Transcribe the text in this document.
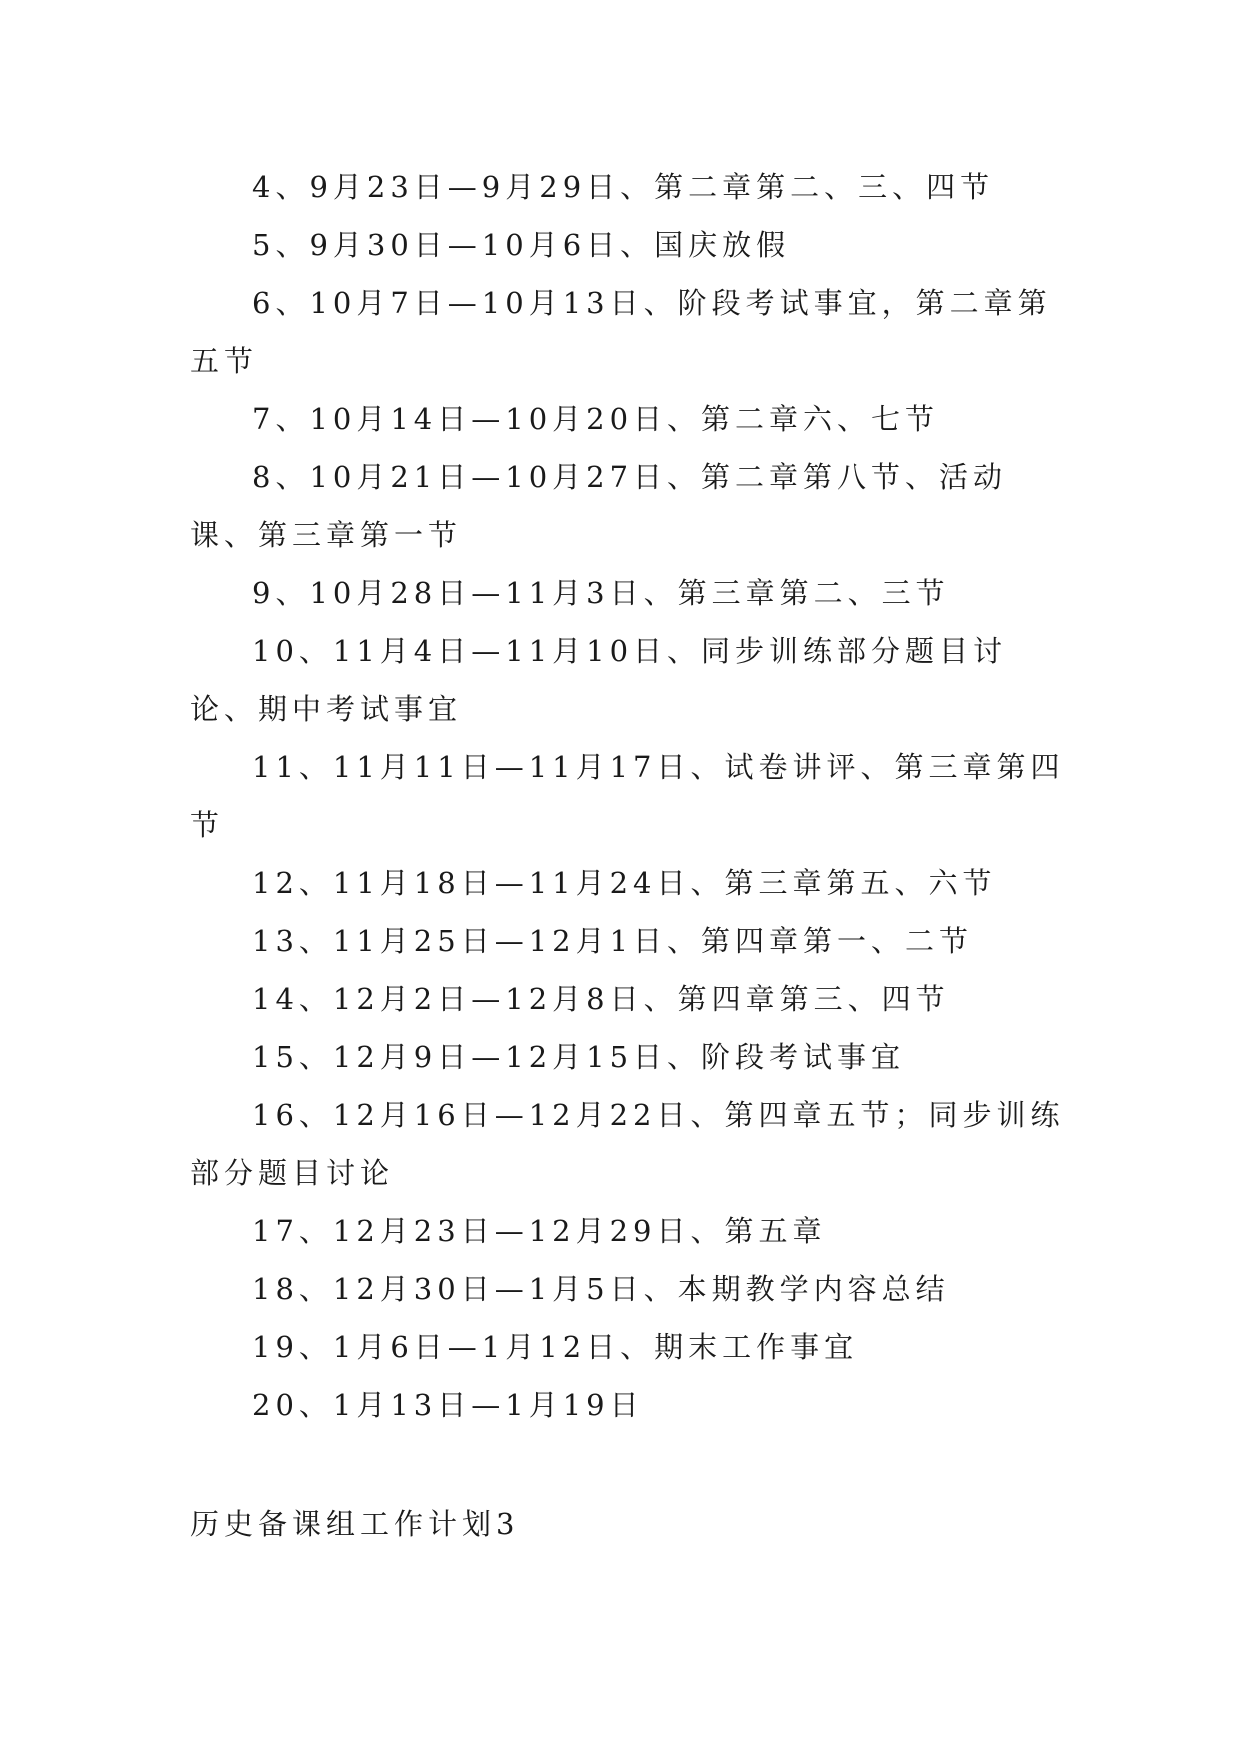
4、9月23日—9月29日、第二章第二、三、四节
5、9月30日—10月6日、国庆放假
6、10月7日—10月13日、阶段考试事宜，第二章第五节
7、10月14日—10月20日、第二章六、七节
8、10月21日—10月27日、第二章第八节、活动课、第三章第一节
9、10月28日—11月3日、第三章第二、三节
10、11月4日—11月10日、同步训练部分题目讨论、期中考试事宜
11、11月11日—11月17日、试卷讲评、第三章第四节
12、11月18日—11月24日、第三章第五、六节
13、11月25日—12月1日、第四章第一、二节
14、12月2日—12月8日、第四章第三、四节
15、12月9日—12月15日、阶段考试事宜
16、12月16日—12月22日、第四章五节；同步训练部分题目讨论
17、12月23日—12月29日、第五章
18、12月30日—1月5日、本期教学内容总结
19、1月6日—1月12日、期末工作事宜
20、1月13日—1月19日
历史备课组工作计划3
